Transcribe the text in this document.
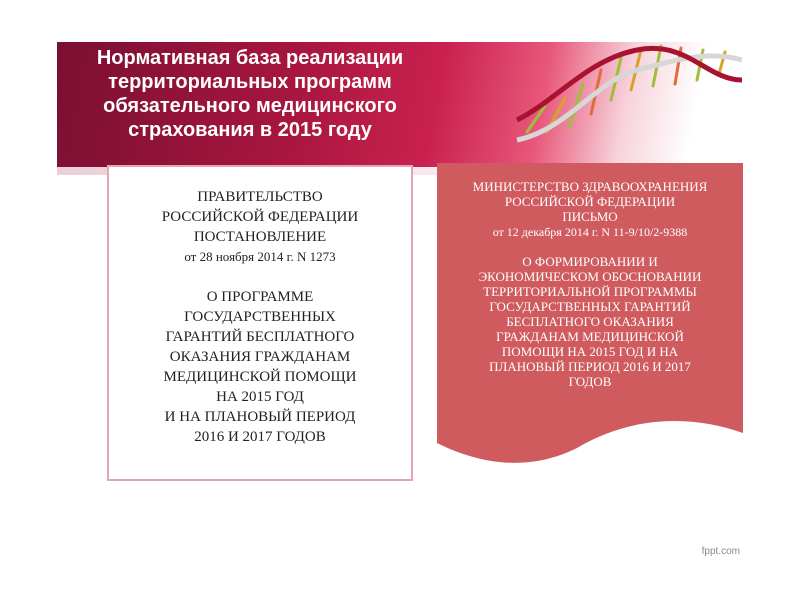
Нормативная база реализации
территориальных программ
обязательного медицинского
страхования в 2015 году

ПРАВИТЕЛЬСТВО

РОССИЙСКОЙ ФЕДЕРАЦИИ

ПОСТАНОВЛЕНИЕ

от 28 ноября 2014 г. N 1273

О ПРОГРАММЕ

ГОСУДАРСТВЕННЫХ

ГАРАНТИЙ БЕСПЛАТНОГО

ОКАЗАНИЯ ГРАЖДАНАМ

МЕДИЦИНСКОЙ ПОМОЩИ

НА 2015 ГОД

И НА ПЛАНОВЫЙ ПЕРИОД

2016 И 2017 ГОДОВ

МИНИСТЕРСТВО ЗДРАВООХРАНЕНИЯ

РОССИЙСКОЙ ФЕДЕРАЦИИ

ПИСЬМО

от 12 декабря 2014 г. N 11-9/10/2-9388

О ФОРМИРОВАНИИ И

ЭКОНОМИЧЕСКОМ ОБОСНОВАНИИ

ТЕРРИТОРИАЛЬНОЙ ПРОГРАММЫ

ГОСУДАРСТВЕННЫХ ГАРАНТИЙ

БЕСПЛАТНОГО ОКАЗАНИЯ

ГРАЖДАНАМ МЕДИЦИНСКОЙ

ПОМОЩИ НА 2015 ГОД И НА

ПЛАНОВЫЙ ПЕРИОД 2016 И 2017

ГОДОВ

fppt.com
